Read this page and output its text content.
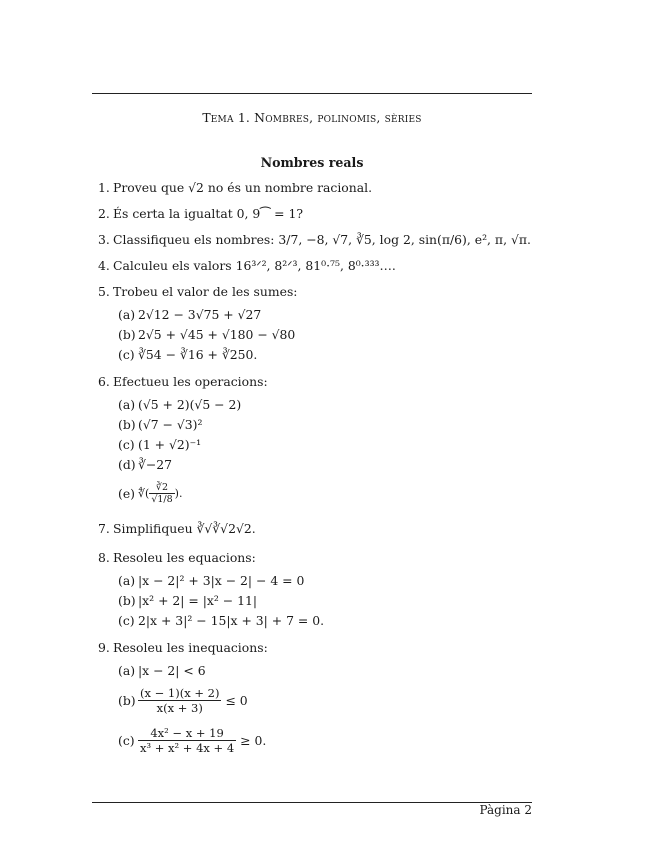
Tema 1. Nombres, polinomis, sèries
Nombres reals
1. Proveu que √2 no és un nombre racional.
2. És certa la igualtat 0, 9⁀ = 1?
3. Classifiqueu els nombres: 3/7, −8, √7, ∛5, log 2, sin(π/6), e², π, √π.
4. Calculeu els valors 16³ᐟ², 8²ᐟ³, 81⁰·⁷⁵, 8⁰·³³³….
5. Trobeu el valor de les sumes:
(a) 2√12 − 3√75 + √27
(b) 2√5 + √45 + √180 − √80
(c) ∛54 − ∛16 + ∛250.
6. Efectueu les operacions:
(a) (√5 + 2)(√5 − 2)
(b) (√7 − √3)²
(c) (1 + √2)⁻¹
(d) ∛−27
(e) ∜( $\frac{∛2}{√1/8}$ ).
7. Simplifiqueu ∛√∛√2√2.
8. Resoleu les equacions:
(a) |x − 2|² + 3|x − 2| − 4 = 0
(b) |x² + 2| = |x² − 11|
(c) 2|x + 3|² − 15|x + 3| + 7 = 0.
9. Resoleu les inequacions:
(a) |x − 2| < 6
$(b) \frac{(x - 1)(x + 2)}{x(x + 3)} \le 0$
$(c) \frac{\text{4x² − x + 19}}{\text{x³ + x² + 4x + 4}} \ge 0$.
Pàgina 2
